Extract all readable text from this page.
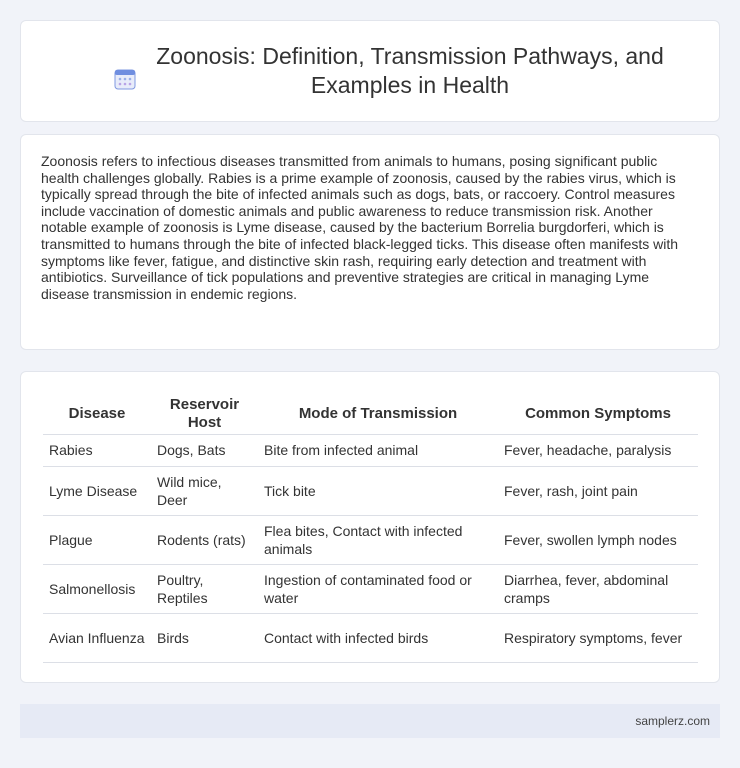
Zoonosis: Definition, Transmission Pathways, and Examples in Health

Zoonosis refers to infectious diseases transmitted from animals to humans, posing significant public health challenges globally. Rabies is a prime example of zoonosis, caused by the rabies virus, which is typically spread through the bite of infected animals such as dogs, bats, or raccoery. Control measures include vaccination of domestic animals and public awareness to reduce transmission risk. Another notable example of zoonosis is Lyme disease, caused by the bacterium Borrelia burgdorferi, which is transmitted to humans through the bite of infected black-legged ticks. This disease often manifests with symptoms like fever, fatigue, and distinctive skin rash, requiring early detection and treatment with antibiotics. Surveillance of tick populations and preventive strategies are critical in managing Lyme disease transmission in endemic regions.

Disease	Reservoir Host	Mode of Transmission	Common Symptoms
Rabies	Dogs, Bats	Bite from infected animal	Fever, headache, paralysis
Lyme Disease	Wild mice, Deer	Tick bite	Fever, rash, joint pain
Plague	Rodents (rats)	Flea bites, Contact with infected animals	Fever, swollen lymph nodes
Salmonellosis	Poultry, Reptiles	Ingestion of contaminated food or water	Diarrhea, fever, abdominal cramps
Avian Influenza	Birds	Contact with infected birds	Respiratory symptoms, fever
samplerz.com
